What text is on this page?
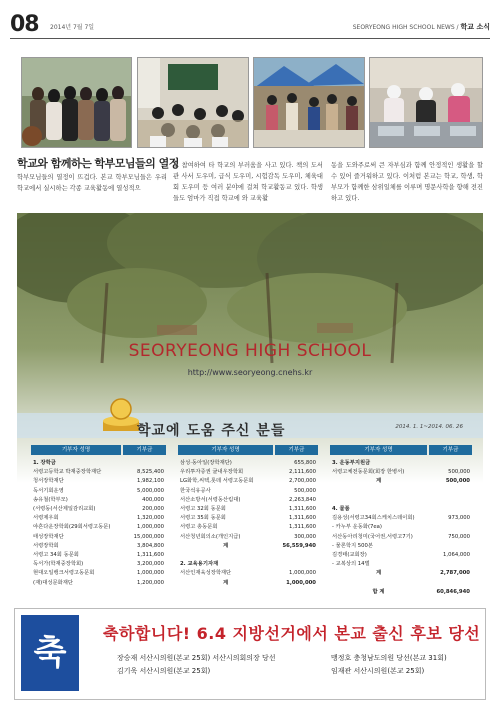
08 2014년 7월 7일	SEORYEONG HIGH SCHOOL NEWS / 학교 소식
학교와 함께하는 학부모님들의 열정
학부모님들의 열정이 뜨겁다. 본교 학부모님들은 우리 학교에서 실시하는 각종 교육활동에 열성적으
로 참여하여 타 학교의 부러움을 사고 있다. 책의 도서관 사서 도우미, 급식 도우미, 시험감독 도우미, 체육대회 도우미 등 여러 분야에 걸쳐 학교활동교 있다. 학생들도 엄마가 직접 학교에 와 교육활
동을 도와주로써 큰 자부심과 함께 안정적인 생활을 할 수 있어 즐거워하고 있다. 이처럼 본교는 학교, 학생, 학부모가 함께한 삼위일체를 이루며 명문사학을 향해 전진하고 있다.
SEORYEONG HIGH SCHOOL
http://www.seoryeong.cnehs.kr
학교에 도움 주신 분들	2014. 1. 1~2014. 06. 26
기부자 성명	기부금
1. 장학금
서령고등학교 박재중장학재단	8,525,400
청서장학재단	1,982,100
독서기회운영	5,000,000
송유철(학부모)	400,000
(서령동(서산제일감리교회)	200,000
서령제우회	1,320,000
야흔다운장학회(29회서령고동문)	1,000,000
태성장학재단	15,000,000
서령장학회	3,804,800
서령고 34회 동문회	1,311,600
독서가(학재중장학회)	3,200,000
현대오일뱅크서령고동문회	1,000,000
(재)대성문화재단	1,200,000
기부자 성명	기부금
삼성·동아일(장학재단)	655,800
우리투자증권 굴내우장학회	2,111,600
LG화학,씨텍,롯데 서령고동문회	2,700,000
한국석유공사	500,000
서산소방서(서령동산림대)	2,263,840
서령고 32회 동문회	1,311,600
서령고 35회 동문회	1,311,600
서령고 총동문회	1,311,600
서산청년회의소(개인지급)	300,000
계	56,559,940
2. 교육용기자재
서산인재육성장학재단	1,000,000
계	1,000,000
기부자 성명	기부금
3. 운동부지원금
서령고체전동문회(회장 한병서)	500,000
계	500,000
4. 물품
김용성(서령고34회스케치스데이회)	973,000
- 카누부 운동화(7ea)
서산동아리청미(국어권,서령고7기)	750,000
- 물론학지 500본
김경태(교회장)	1,064,000
- 교복상의 14벌
계	2,787,000
합 계	60,846,940
축	축하합니다! 6.4 지방선거에서 본교 출신 후보 당선
장승재 서산시의원(본교 25회) 서산시의회의장 당선	맹정호 충청남도의원 당선(본교 31회)
김기욱 서산시의원(본교 25회)	임재관 서산시의원(본교 25회)
